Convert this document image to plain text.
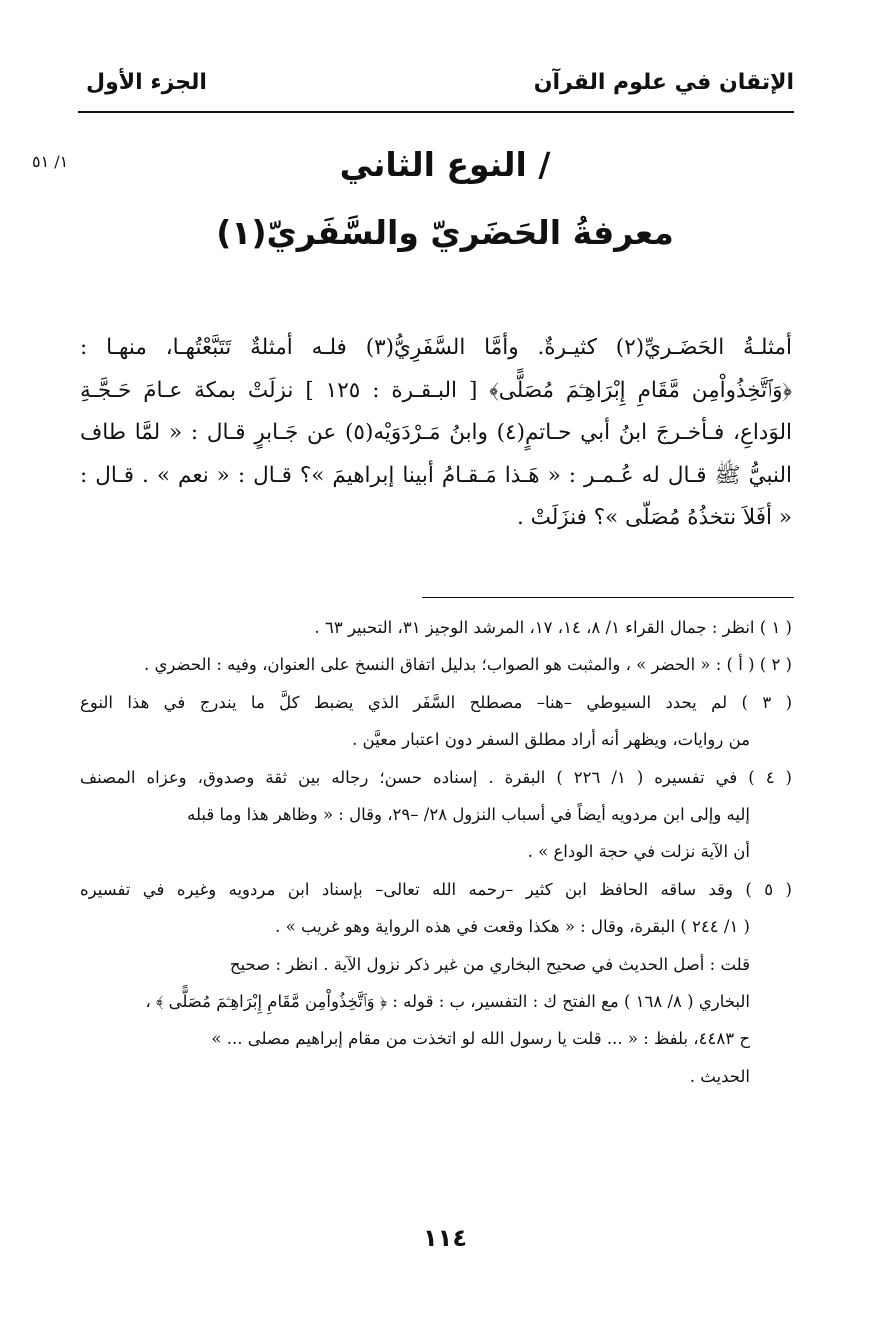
الإتقان في علوم القرآن
الجزء الأول
١/ ٥١	/ النوع الثاني
معرفةُ الحَضَريّ والسَّفَريّ(١)
أمثلـةُ الحَضَـريِّ(٢) كثيـرةٌ. وأمَّا السَّفَرِيُّ(٣) فلـه أمثلةٌ تَتَبَّعْتُهـا، منهـا :
﴿وَٱتَّخِذُواْمِن مَّقَامِ إِبْرَاهِـۧمَ مُصَلًّى﴾ [ البـقـرة : ١٢٥ ] نزلَتْ بمكة عـامَ حَـجَّـةِ
الوَداعِ، فـأخـرجَ ابنُ أبي حـاتمٍ(٤) وابنُ مَـرْدَوَيْه(٥) عن جَـابرٍ قـال : « لمَّا طاف
النبيُّ ﷺ قـال له عُـمـر : « هَـذا مَـقـامُ أبينا إبراهيمَ »؟ قـال : « نعم » . قـال :
« أفَلاَ نتخذُهُ مُصَلّى »؟ فنزَلَتْ .
( ١ ) انظر : جمال القراء ١/ ٨، ١٤، ١٧، المرشد الوجيز ٣١، التحبير ٦٣ .
( ٢ ) ( أ ) : « الحضر » ، والمثبت هو الصواب؛ بدليل اتفاق النسخ على العنوان، وفيه : الحضري .
( ٣ ) لم يحدد السيوطي –هنا– مصطلح السَّفَر الذي يضبط كلَّ ما يندرج في هذا النوع
من روايات، ويظهر أنه أراد مطلق السفر دون اعتبار معيَّن .
( ٤ ) في تفسيره ( ١/ ٢٢٦ ) البقرة . إسناده حسن؛ رجاله بين ثقة وصدوق، وعزاه المصنف
إليه وإلى ابن مردويه أيضاً في أسباب النزول ٢٨/ –٢٩، وقال : « وظاهر هذا وما قبله
أن الآية نزلت في حجة الوداع » .
( ٥ ) وقد ساقه الحافظ ابن كثير –رحمه الله تعالى– بإسناد ابن مردويه وغيره في تفسيره
( ١/ ٢٤٤ ) البقرة، وقال : « هكذا وقعت في هذه الرواية وهو غريب » .
قلت : أصل الحديث في صحيح البخاري من غير ذكر نزول الآية . انظر : صحيح
البخاري ( ٨/ ١٦٨ ) مع الفتح ك : التفسير، ب : قوله : ﴿ وَٱتَّخِذُواْمِن مَّقَامِ إِبْرَاهِـۧمَ مُصَلًّى ﴾ ،
ح ٤٤٨٣، بلفظ : « ... قلت يا رسول الله لو اتخذت من مقام إبراهيم مصلى ... »
الحديث .
١١٤
